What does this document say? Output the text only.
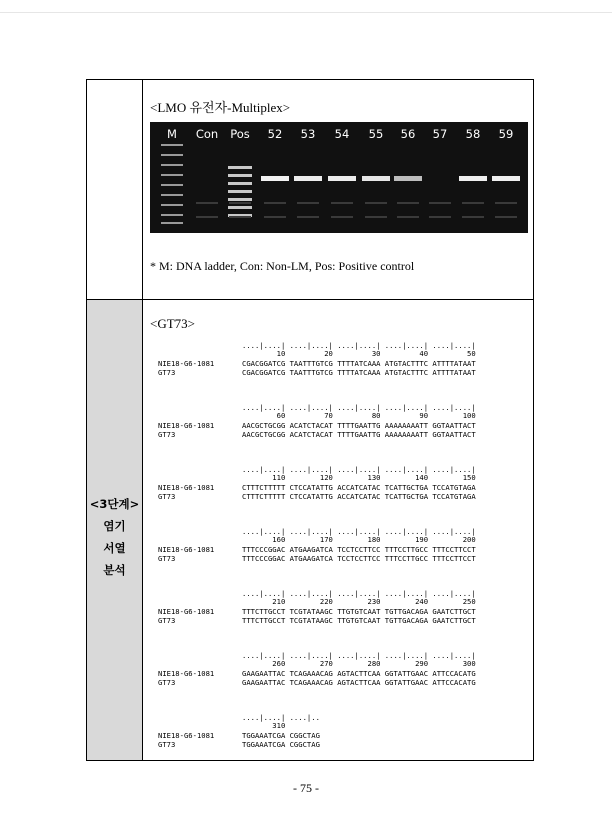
<3단계>
염기
서열
분석
<LMO 유전자-Multiplex>
M	Con	Pos	52	53	54	55	56	57	58	59
* M: DNA ladder, Con: Non-LM, Pos: Positive control
<GT73>
....|....| ....|....| ....|....| ....|....| ....|....|
10         20         30         40         50
NIE18-G6-1081	CGACGGATCG TAATTTGTCG TTTTATCAAA ATGTACTTTC ATTTTATAAT
GT73	CGACGGATCG TAATTTGTCG TTTTATCAAA ATGTACTTTC ATTTTATAAT
....|....| ....|....| ....|....| ....|....| ....|....|
60         70         80         90        100
NIE18-G6-1081	AACGCTGCGG ACATCTACAT TTTTGAATTG AAAAAAAATT GGTAATTACT
GT73	AACGCTGCGG ACATCTACAT TTTTGAATTG AAAAAAAATT GGTAATTACT
....|....| ....|....| ....|....| ....|....| ....|....|
110        120        130        140        150
NIE18-G6-1081	CTTTCTTTTT CTCCATATTG ACCATCATAC TCATTGCTGA TCCATGTAGA
GT73	CTTTCTTTTT CTCCATATTG ACCATCATAC TCATTGCTGA TCCATGTAGA
....|....| ....|....| ....|....| ....|....| ....|....|
160        170        180        190        200
NIE18-G6-1081	TTTCCCGGAC ATGAAGATCA TCCTCCTTCC TTTCCTTGCC TTTCCTTCCT
GT73	TTTCCCGGAC ATGAAGATCA TCCTCCTTCC TTTCCTTGCC TTTCCTTCCT
....|....| ....|....| ....|....| ....|....| ....|....|
210        220        230        240        250
NIE18-G6-1081	TTTCTTGCCT TCGTATAAGC TTGTGTCAAT TGTTGACAGA GAATCTTGCT
GT73	TTTCTTGCCT TCGTATAAGC TTGTGTCAAT TGTTGACAGA GAATCTTGCT
....|....| ....|....| ....|....| ....|....| ....|....|
260        270        280        290        300
NIE18-G6-1081	GAAGAATTAC TCAGAAACAG AGTACTTCAA GGTATTGAAC ATTCCACATG
GT73	GAAGAATTAC TCAGAAACAG AGTACTTCAA GGTATTGAAC ATTCCACATG
....|....| ....|..
310
NIE18-G6-1081	TGGAAATCGA CGGCTAG
GT73	TGGAAATCGA CGGCTAG
- 75 -
